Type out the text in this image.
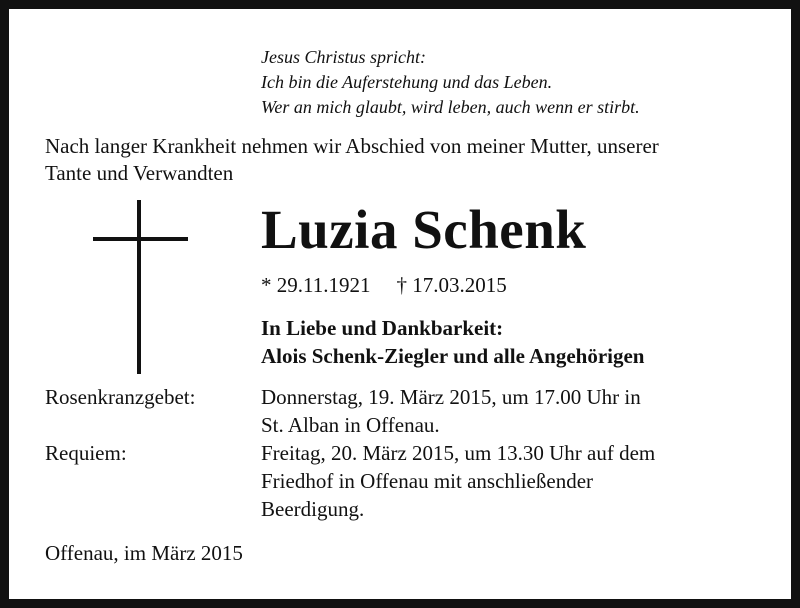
Jesus Christus spricht:
Ich bin die Auferstehung und das Leben.
Wer an mich glaubt, wird leben, auch wenn er stirbt.
Nach langer Krankheit nehmen wir Abschied von meiner Mutter, unserer
Tante und Verwandten
Luzia Schenk
* 29.11.1921 † 17.03.2015
In Liebe und Dankbarkeit:
Alois Schenk-Ziegler und alle Angehörigen
Rosenkranzgebet:	Donnerstag, 19. März 2015, um 17.00 Uhr in
St. Alban in Offenau.
Requiem:	Freitag, 20. März 2015, um 13.30 Uhr auf dem
Friedhof in Offenau mit anschließender
Beerdigung.
Offenau, im März 2015
